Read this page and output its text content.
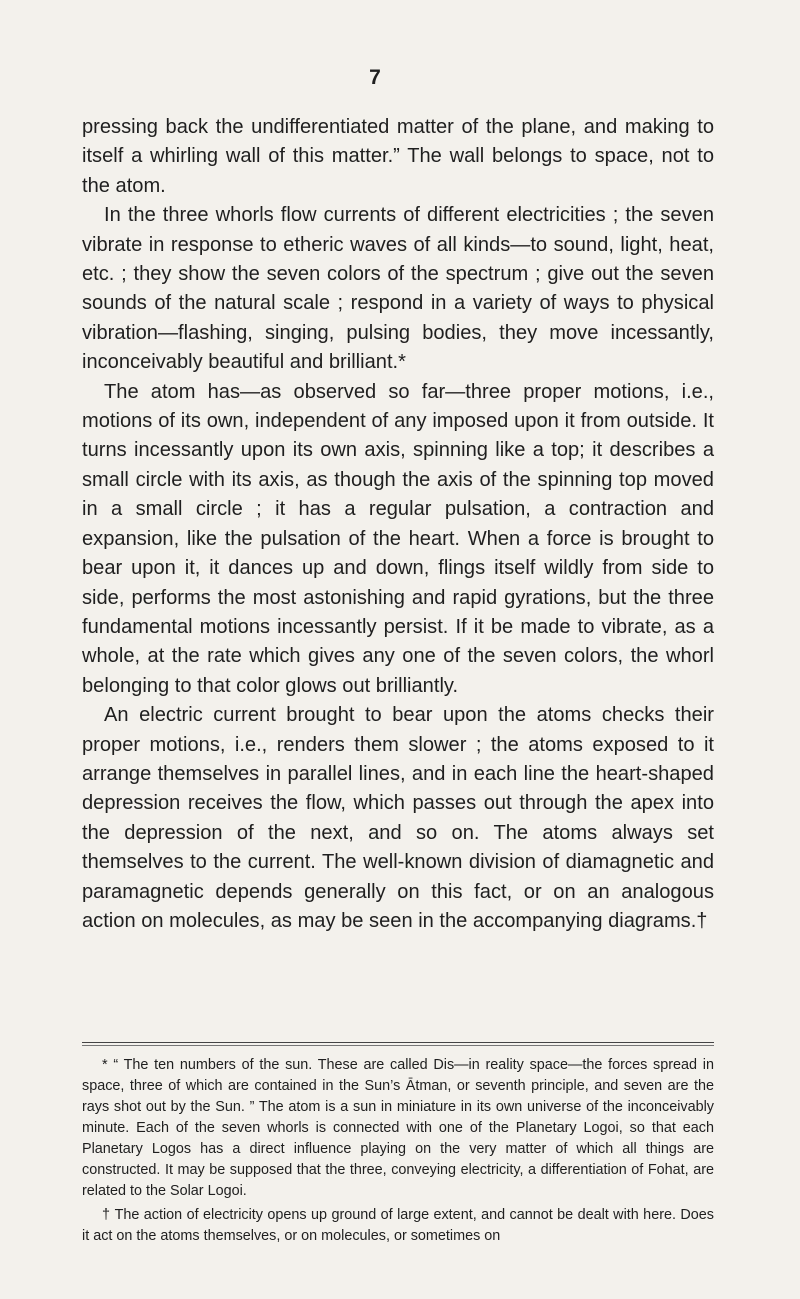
7

pressing back the undifferentiated matter of the plane, and making to itself a whirling wall of this matter.” The wall belongs to space, not to the atom.

In the three whorls flow currents of different electricities ; the seven vibrate in response to etheric waves of all kinds—to sound, light, heat, etc. ; they show the seven colors of the spectrum ; give out the seven sounds of the natural scale ; respond in a variety of ways to physical vibration—flashing, singing, pulsing bodies, they move incessantly, inconceivably beautiful and brilliant.*

The atom has—as observed so far—three proper motions, i.e., motions of its own, independent of any imposed upon it from outside. It turns incessantly upon its own axis, spinning like a top; it describes a small circle with its axis, as though the axis of the spinning top moved in a small circle ; it has a regular pulsation, a contraction and expansion, like the pulsation of the heart. When a force is brought to bear upon it, it dances up and down, flings itself wildly from side to side, performs the most astonishing and rapid gyrations, but the three fundamental motions incessantly persist. If it be made to vibrate, as a whole, at the rate which gives any one of the seven colors, the whorl belonging to that color glows out brilliantly.

An electric current brought to bear upon the atoms checks their proper motions, i.e., renders them slower ; the atoms exposed to it arrange themselves in parallel lines, and in each line the heart-shaped depression receives the flow, which passes out through the apex into the depression of the next, and so on. The atoms always set themselves to the current. The well-known division of diamagnetic and paramagnetic depends generally on this fact, or on an analogous action on molecules, as may be seen in the accompanying diagrams.†

* “ The ten numbers of the sun. These are called Dis—in reality space—the forces spread in space, three of which are contained in the Sun’s Ātman, or seventh principle, and seven are the rays shot out by the Sun. ” The atom is a sun in miniature in its own universe of the inconceivably minute. Each of the seven whorls is connected with one of the Planetary Logoi, so that each Planetary Logos has a direct influence playing on the very matter of which all things are constructed. It may be supposed that the three, conveying electricity, a differentiation of Fohat, are related to the Solar Logoi.

† The action of electricity opens up ground of large extent, and cannot be dealt with here. Does it act on the atoms themselves, or on molecules, or sometimes on
